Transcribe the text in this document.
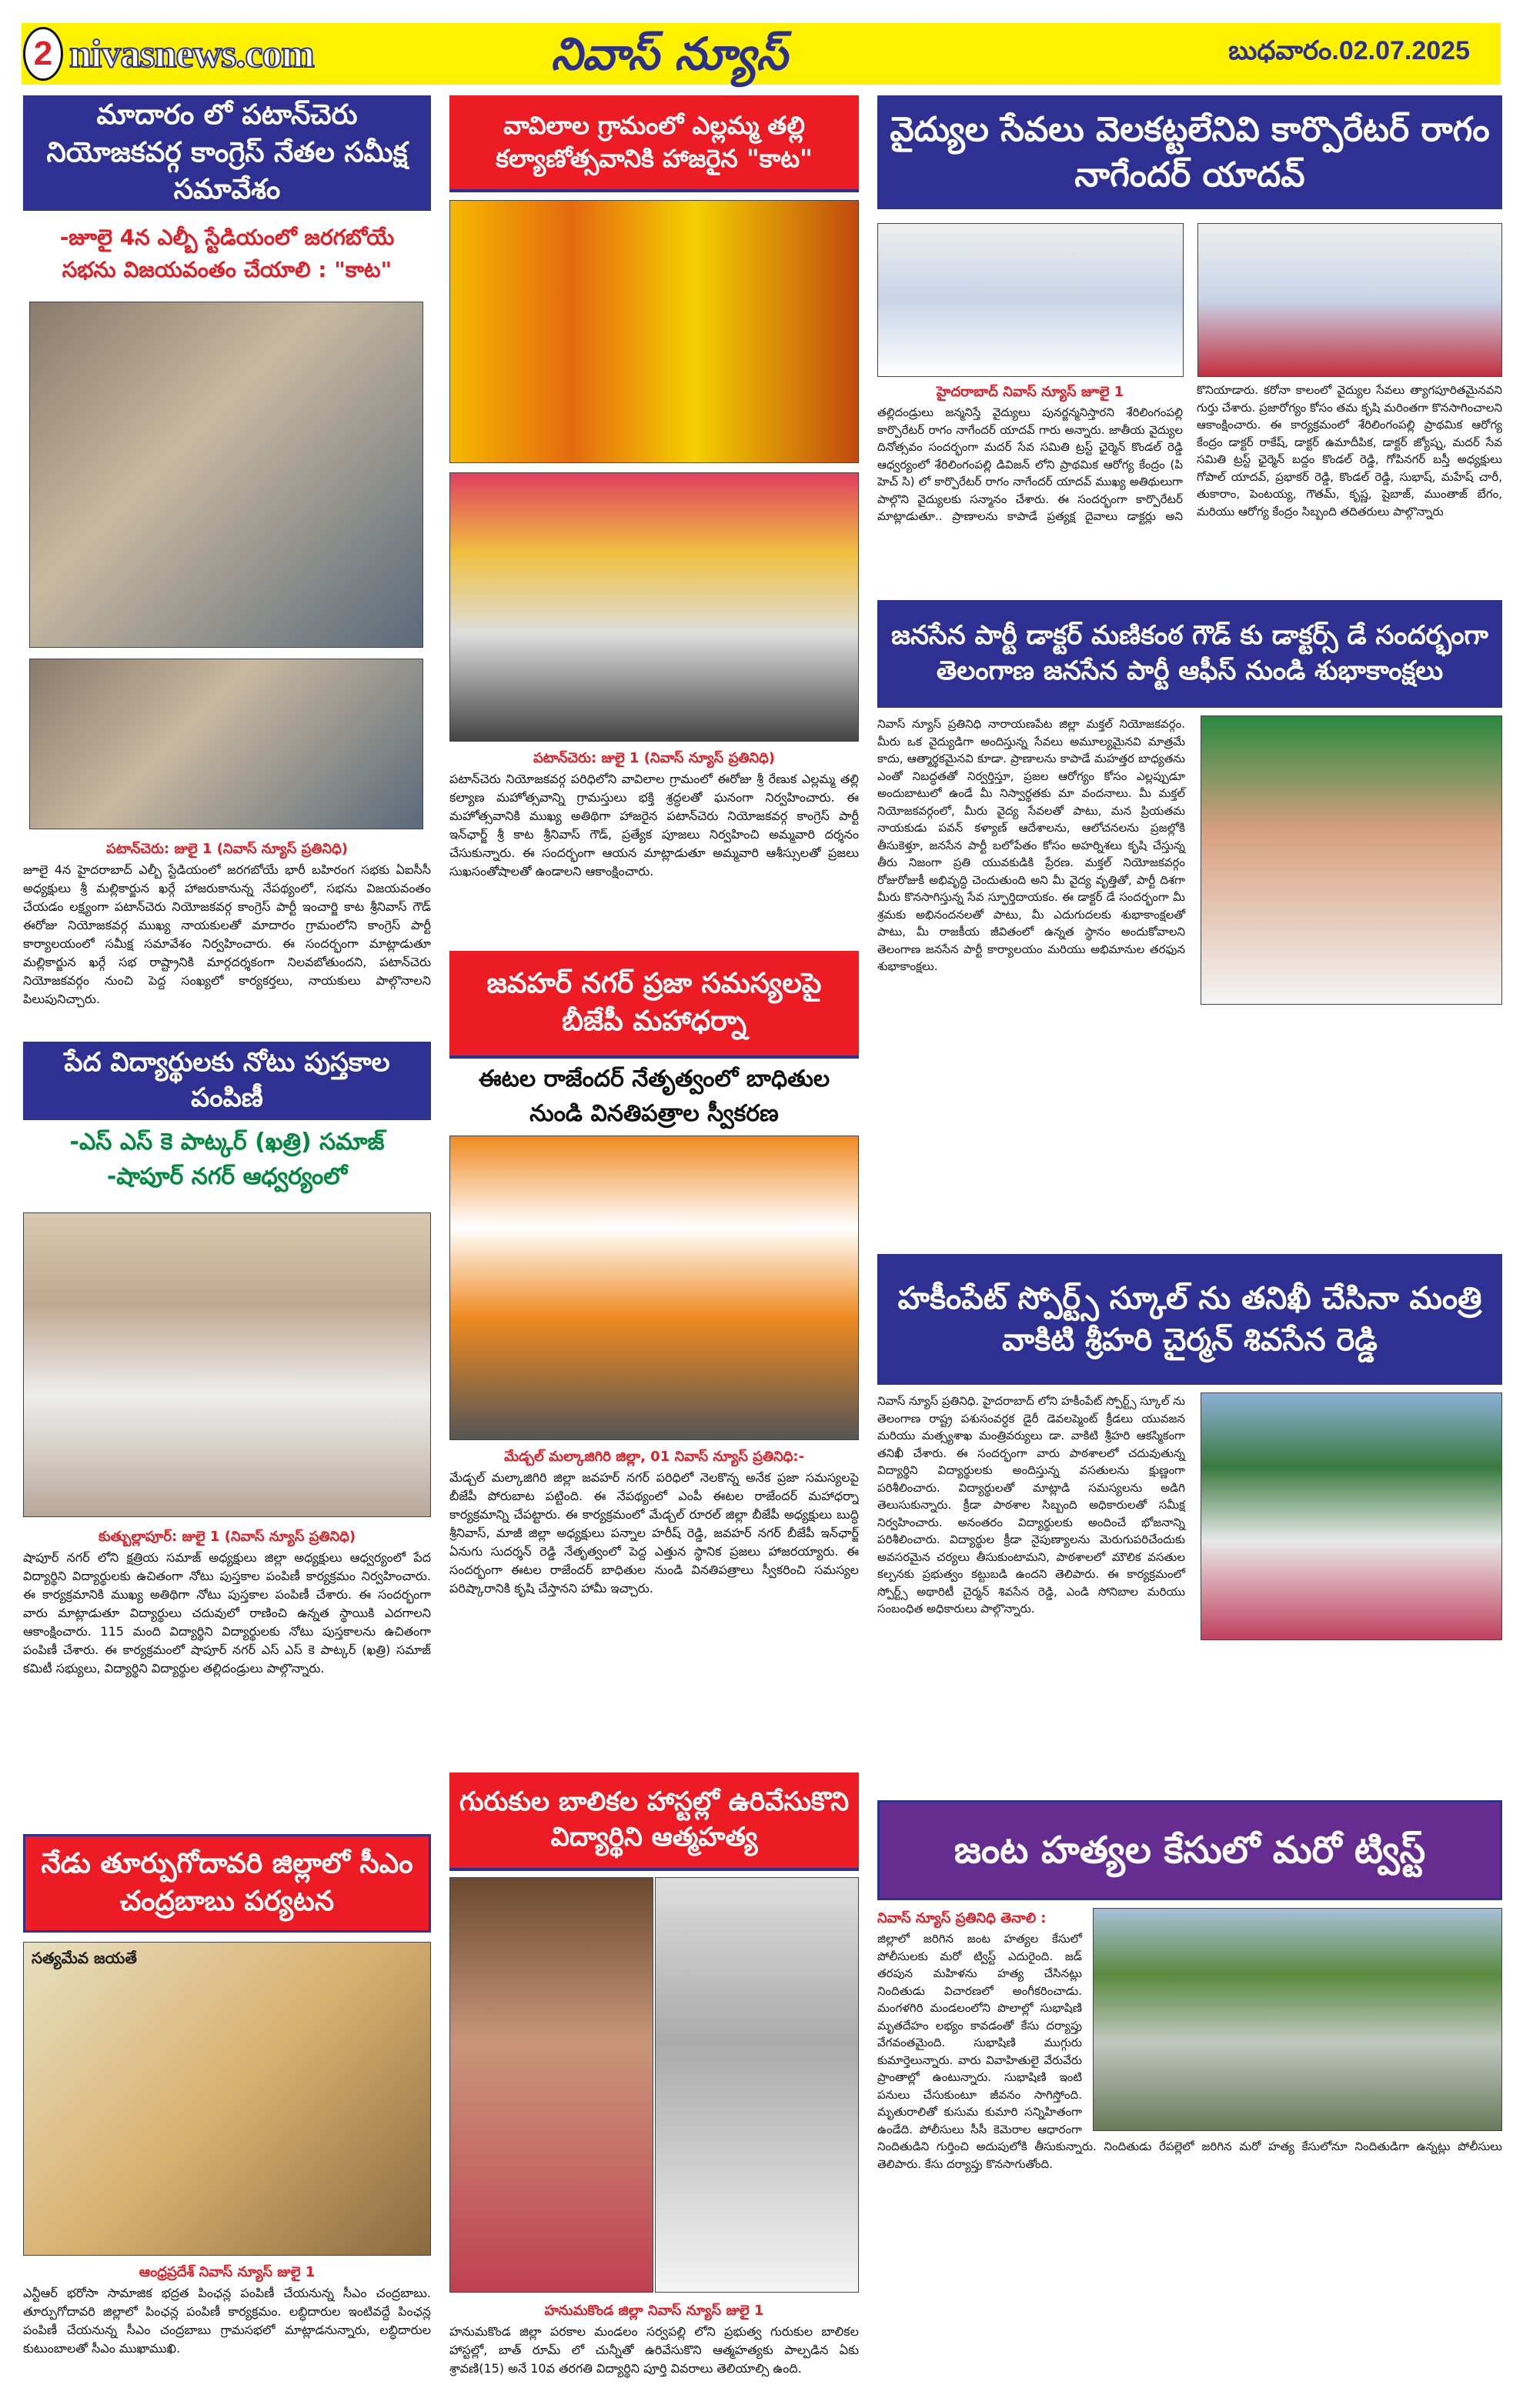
2 nivasnews.com	నివాస్ న్యూస్	బుధవారం.02.07.2025
మాదారం లో పటాన్‌చెరు నియోజకవర్గ కాంగ్రెస్ నేతల సమీక్ష సమావేశం
-జూలై 4న ఎల్బీ స్టేడియంలో జరగబోయే సభను విజయవంతం చేయాలి : "కాట"
పటాన్‌చెరు: జులై 1 (నివాస్ న్యూస్ ప్రతినిధి)
జూలై 4న హైదరాబాద్ ఎల్బీ స్టేడియంలో జరగబోయే భారీ బహిరంగ సభకు ఏఐసీసీ అధ్యక్షులు శ్రీ మల్లికార్జున ఖర్గే హాజరుకానున్న నేపథ్యంలో, సభను విజయవంతం చేయడం లక్ష్యంగా పటాన్‌చెరు నియోజకవర్గ కాంగ్రెస్ పార్టీ ఇంచార్జి కాట శ్రీనివాస్ గౌడ్ ఈరోజు నియోజకవర్గ ముఖ్య నాయకులతో మాదారం గ్రామంలోని కాంగ్రెస్ పార్టీ కార్యాలయంలో సమీక్ష సమావేశం నిర్వహించారు. ఈ సందర్భంగా మాట్లాడుతూ మల్లికార్జున ఖర్గే సభ రాష్ట్రానికి మార్గదర్శకంగా నిలవబోతుందని, పటాన్‌చెరు నియోజకవర్గం నుంచి పెద్ద సంఖ్యలో కార్యకర్తలు, నాయకులు పాల్గొనాలని పిలుపునిచ్చారు.
పేద విద్యార్థులకు నోటు పుస్తకాల పంపిణీ
-ఎస్ ఎస్ కె పాట్కర్ (ఖత్రి) సమాజ్ -షాపూర్ నగర్ ఆధ్వర్యంలో
కుత్బుల్లాపూర్: జులై 1 (నివాస్ న్యూస్ ప్రతినిధి)
షాపూర్ నగర్ లోని క్షత్రియ సమాజ్ అధ్యక్షులు జిల్లా అధ్యక్షులు ఆధ్వర్యంలో పేద విద్యార్థిని విద్యార్థులకు ఉచితంగా నోటు పుస్తకాల పంపిణీ కార్యక్రమం నిర్వహించారు. ఈ కార్యక్రమానికి ముఖ్య అతిథిగా నోటు పుస్తకాల పంపిణీ చేశారు. ఈ సందర్భంగా వారు మాట్లాడుతూ విద్యార్థులు చదువులో రాణించి ఉన్నత స్థాయికి ఎదగాలని ఆకాంక్షించారు. 115 మంది విద్యార్థిని విద్యార్థులకు నోటు పుస్తకాలను ఉచితంగా పంపిణీ చేశారు. ఈ కార్యక్రమంలో షాపూర్ నగర్ ఎస్ ఎస్ కె పాట్కర్ (ఖత్రి) సమాజ్ కమిటీ సభ్యులు, విద్యార్థిని విద్యార్థుల తల్లిదండ్రులు పాల్గొన్నారు.
నేడు తూర్పుగోదావరి జిల్లాలో సీఎం చంద్రబాబు పర్యటన
సత్యమేవ జయతే
ఆంధ్రప్రదేశ్ నివాస్ న్యూస్ జులై 1
ఎన్టీఆర్ భరోసా సామాజిక భద్రత పింఛన్ల పంపిణీ చేయనున్న సీఎం చంద్రబాబు. తూర్పుగోదావరి జిల్లాలో పింఛన్ల పంపిణీ కార్యక్రమం. లబ్ధిదారుల ఇంటివద్దే పింఛన్ల పంపిణీ చేయనున్న సీఎం చంద్రబాబు గ్రామసభలో మాట్లాడనున్నారు, లబ్ధిదారుల కుటుంబాలతో సీఎం ముఖాముఖి.
వావిలాల గ్రామంలో ఎల్లమ్మ తల్లి కల్యాణోత్సవానికి హాజరైన "కాట"
పటాన్‌చెరు: జులై 1 (నివాస్ న్యూస్ ప్రతినిధి)
పటాన్‌చెరు నియోజకవర్గ పరిధిలోని వావిలాల గ్రామంలో ఈరోజు శ్రీ రేణుక ఎల్లమ్మ తల్లి కల్యాణ మహోత్సవాన్ని గ్రామస్తులు భక్తి శ్రద్ధలతో ఘనంగా నిర్వహించారు. ఈ మహోత్సవానికి ముఖ్య అతిథిగా హాజరైన పటాన్‌చెరు నియోజకవర్గ కాంగ్రెస్ పార్టీ ఇన్‌ఛార్జ్ శ్రీ కాట శ్రీనివాస్ గౌడ్, ప్రత్యేక పూజలు నిర్వహించి అమ్మవారి దర్శనం చేసుకున్నారు. ఈ సందర్భంగా ఆయన మాట్లాడుతూ అమ్మవారి ఆశీస్సులతో ప్రజలు సుఖసంతోషాలతో ఉండాలని ఆకాంక్షించారు.
జవహర్ నగర్ ప్రజా సమస్యలపై బీజేపీ మహాధర్నా
ఈటల రాజేందర్ నేతృత్వంలో బాధితుల నుండి వినతిపత్రాల స్వీకరణ
మేడ్చల్ మల్కాజిగిరి జిల్లా, 01 నివాస్ న్యూస్ ప్రతినిధి:-
మేడ్చల్ మల్కాజిగిరి జిల్లా జవహర్ నగర్ పరిధిలో నెలకొన్న అనేక ప్రజా సమస్యలపై బీజేపీ పోరుబాట పట్టింది. ఈ నేపథ్యంలో ఎంపీ ఈటల రాజేందర్ మహాధర్నా కార్యక్రమాన్ని చేపట్టారు. ఈ కార్యక్రమంలో మేడ్చల్ రూరల్ జిల్లా బీజేపీ అధ్యక్షులు బుద్ధి శ్రీనివాస్, మాజీ జిల్లా అధ్యక్షులు పన్నాల హరీష్ రెడ్డి, జవహర్ నగర్ బీజేపీ ఇన్‌ఛార్జ్ ఏనుగు సుదర్శన్ రెడ్డి నేతృత్వంలో పెద్ద ఎత్తున స్థానిక ప్రజలు హాజరయ్యారు. ఈ సందర్భంగా ఈటల రాజేందర్ బాధితుల నుండి వినతిపత్రాలు స్వీకరించి సమస్యల పరిష్కారానికి కృషి చేస్తానని హామీ ఇచ్చారు.
గురుకుల బాలికల హాస్టల్లో ఉరివేసుకొని విద్యార్థిని ఆత్మహత్య
హనుమకొండ జిల్లా నివాస్ న్యూస్ జులై 1
హనుమకొండ జిల్లా పరకాల మండలం సర్వపల్లి లోని ప్రభుత్వ గురుకుల బాలికల హాస్టల్లో, బాత్ రూమ్ లో చున్నీతో ఉరివేసుకొని ఆత్మహత్యకు పాల్పడిన ఏకు శ్రావణి(15) అనే 10వ తరగతి విద్యార్థిని పూర్తి వివరాలు తెలియాల్సి ఉంది.
వైద్యుల సేవలు వెలకట్టలేనివి కార్పొరేటర్ రాగం నాగేందర్ యాదవ్
హైదరాబాద్ నివాస్ న్యూస్ జూలై 1
తల్లిదండ్రులు జన్మనిస్తే వైద్యులు పునర్జన్మనిస్తారని శేరిలింగంపల్లి కార్పొరేటర్ రాగం నాగేందర్ యాదవ్ గారు అన్నారు. జాతీయ వైద్యుల దినోత్సవం సందర్భంగా మదర్ సేవ సమితి ట్రస్ట్ ఛైర్మెన్ కొండల్ రెడ్డి ఆధ్వర్యంలో శేరిలింగంపల్లి డివిజన్ లోని ప్రాథమిక ఆరోగ్య కేంద్రం (పి హెచ్ సి) లో కార్పొరేటర్ రాగం నాగేందర్ యాదవ్ ముఖ్య అతిథులుగా పాల్గొని వైద్యులకు సన్మానం చేశారు. ఈ సందర్భంగా కార్పొరేటర్ మాట్లాడుతూ.. ప్రాణాలను కాపాడే ప్రత్యక్ష దైవాలు డాక్టర్లు అని కొనియాడారు. కరోనా కాలంలో వైద్యుల సేవలు త్యాగపూరితమైనవని గుర్తు చేశారు. ప్రజారోగ్యం కోసం తమ కృషి మరింతగా కొనసాగించాలని ఆకాంక్షించారు. ఈ కార్యక్రమంలో శేరిలింగంపల్లి ప్రాథమిక ఆరోగ్య కేంద్రం డాక్టర్ రాకేష్, డాక్టర్ ఉమాదీపిక, డాక్టర్ జ్యోష్న, మదర్ సేవ సమితి ట్రస్ట్ ఛైర్మెన్ బద్దం కొండల్ రెడ్డి, గోపినగర్ బస్తీ అధ్యక్షులు గోపాల్ యాదవ్, ప్రభాకర్ రెడ్డి, కొండల్ రెడ్డి, సుభాష్, మహేష్ చారీ, తుకారాం, పెంటయ్య, గౌతమ్, కృష్ణ, షైబాజ్, ముంతాజ్ బేగం, మరియు ఆరోగ్య కేంద్రం సిబ్బంది తదితరులు పాల్గొన్నారు
జనసేన పార్టీ డాక్టర్ మణికంఠ గౌడ్ కు డాక్టర్స్ డే సందర్భంగా తెలంగాణ జనసేన పార్టీ ఆఫీస్ నుండి శుభాకాంక్షలు
నివాస్ న్యూస్ ప్రతినిధి నారాయణపేట జిల్లా మక్తల్ నియోజకవర్గం. మీరు ఒక వైద్యుడిగా అందిస్తున్న సేవలు అమూల్యమైనవి మాత్రమే కాదు, ఆత్మార్థకమైనవి కూడా. ప్రాణాలను కాపాడే మహత్తర బాధ్యతను ఎంతో నిబద్ధతతో నిర్వర్తిస్తూ, ప్రజల ఆరోగ్యం కోసం ఎల్లప్పుడూ అందుబాటులో ఉండే మీ నిస్వార్థతకు మా వందనాలు. మీ మక్తల్ నియోజకవర్గంలో, మీరు వైద్య సేవలతో పాటు, మన ప్రియతమ నాయకుడు పవన్ కళ్యాణ్ ఆదేశాలను, ఆలోచనలను ప్రజల్లోకి తీసుకెళ్తూ, జనసేన పార్టీ బలోపేతం కోసం అహర్నిశలు కృషి చేస్తున్న తీరు నిజంగా ప్రతి యువకుడికి ప్రేరణ. మక్తల్ నియోజకవర్గం రోజురోజుకీ అభివృద్ధి చెందుతుంది అని మీ వైద్య వృత్తితో, పార్టీ దిశగా మీరు కొనసాగిస్తున్న సేవ స్ఫూర్తిదాయకం. ఈ డాక్టర్ డే సందర్భంగా మీ శ్రమకు అభినందనలతో పాటు, మీ ఎదుగుదలకు శుభాకాంక్షలతో పాటు, మీ రాజకీయ జీవితంలో ఉన్నత స్థానం అందుకోవాలని తెలంగాణ జనసేన పార్టీ కార్యాలయం మరియు అభిమానుల తరఫున శుభాకాంక్షలు.
హకీంపేట్ స్పోర్ట్స్ స్కూల్ ను తనిఖీ చేసినా మంత్రి వాకిటి శ్రీహరి చైర్మన్ శివసేన రెడ్డి
నివాస్ న్యూస్ ప్రతినిధి. హైదరాబాద్ లోని హకీంపేట్ స్పోర్ట్స్ స్కూల్ ను తెలంగాణ రాష్ట్ర పశుసంవర్ధక డైరీ డెవలప్మెంట్ క్రీడలు యువజన మరియు మత్స్యశాఖ మంత్రివర్యులు డా. వాకిటి శ్రీహరి ఆకస్మికంగా తనిఖీ చేశారు. ఈ సందర్భంగా వారు పాఠశాలలో చదువుతున్న విద్యార్థిని విద్యార్థులకు అందిస్తున్న వసతులను క్షుణ్ణంగా పరిశీలించారు. విద్యార్థులతో మాట్లాడి సమస్యలను అడిగి తెలుసుకున్నారు. క్రీడా పాఠశాల సిబ్బంది అధికారులతో సమీక్ష నిర్వహించారు. అనంతరం విద్యార్థులకు అందించే భోజనాన్ని పరిశీలించారు. విద్యార్థుల క్రీడా నైపుణ్యాలను మెరుగుపరిచేందుకు అవసరమైన చర్యలు తీసుకుంటామని, పాఠశాలలో మౌలిక వసతుల కల్పనకు ప్రభుత్వం కట్టుబడి ఉందని తెలిపారు. ఈ కార్యక్రమంలో స్పోర్ట్స్ అథారిటీ చైర్మన్ శివసేన రెడ్డి, ఎండి సోనిబాల మరియు సంబంధిత అధికారులు పాల్గొన్నారు.
జంట హత్యల కేసులో మరో ట్విస్ట్
నివాస్ న్యూస్ ప్రతినిధి తెనాలి :
జిల్లాలో జరిగిన జంట హత్యల కేసులో పోలీసులకు మరో ట్విస్ట్ ఎదురైంది. జడ్ తరపున మహిళను హత్య చేసినట్లు నిందితుడు విచారణలో అంగీకరించాడు. మంగళగిరి మండలంలోని పొలాల్లో సుభాషిణి మృతదేహం లభ్యం కావడంతో కేసు దర్యాప్తు వేగవంతమైంది. సుభాషిణి ముగ్గురు కుమార్తెలున్నారు. వారు వివాహితులై వేరువేరు ప్రాంతాల్లో ఉంటున్నారు. సుభాషిణి ఇంటి పనులు చేసుకుంటూ జీవనం సాగిస్తోంది. మృతురాలితో కుసుమ కుమారి సన్నిహితంగా ఉండేది. పోలీసులు సీసీ కెమెరాల ఆధారంగా నిందితుడిని గుర్తించి అదుపులోకి తీసుకున్నారు. నిందితుడు రేపల్లెలో జరిగిన మరో హత్య కేసులోనూ నిందితుడిగా ఉన్నట్లు పోలీసులు తెలిపారు. కేసు దర్యాప్తు కొనసాగుతోంది.
